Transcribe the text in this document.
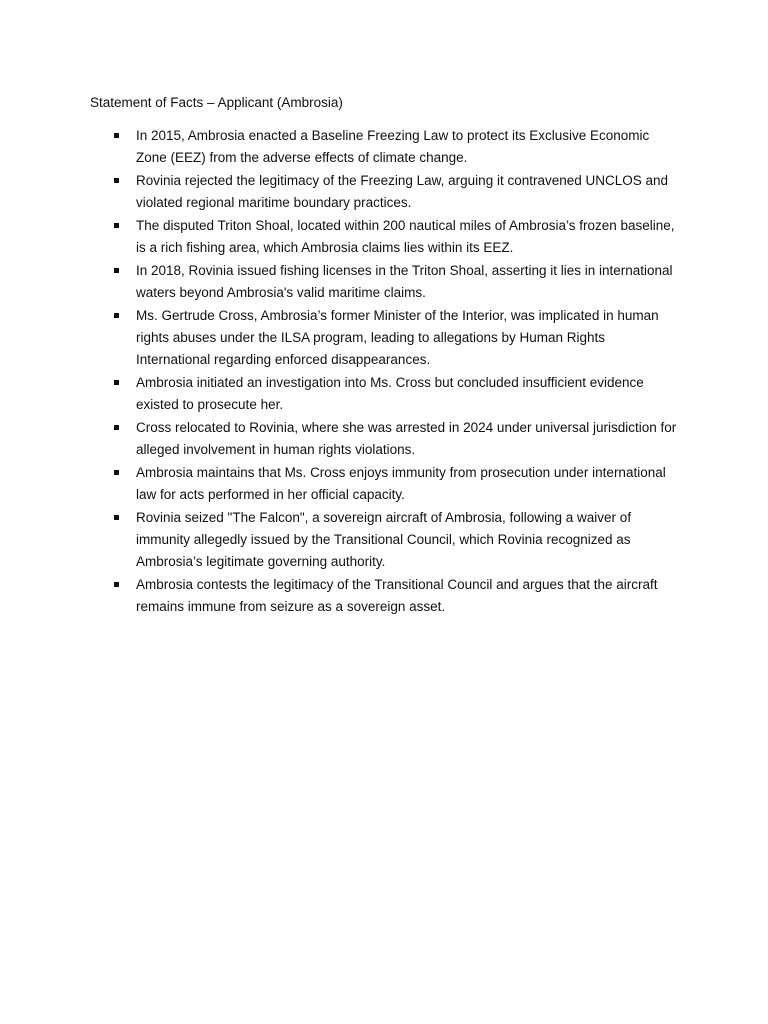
Statement of Facts – Applicant (Ambrosia)
In 2015, Ambrosia enacted a Baseline Freezing Law to protect its Exclusive Economic Zone (EEZ) from the adverse effects of climate change.
Rovinia rejected the legitimacy of the Freezing Law, arguing it contravened UNCLOS and violated regional maritime boundary practices.
The disputed Triton Shoal, located within 200 nautical miles of Ambrosia’s frozen baseline, is a rich fishing area, which Ambrosia claims lies within its EEZ.
In 2018, Rovinia issued fishing licenses in the Triton Shoal, asserting it lies in international waters beyond Ambrosia's valid maritime claims.
Ms. Gertrude Cross, Ambrosia’s former Minister of the Interior, was implicated in human rights abuses under the ILSA program, leading to allegations by Human Rights International regarding enforced disappearances.
Ambrosia initiated an investigation into Ms. Cross but concluded insufficient evidence existed to prosecute her.
Cross relocated to Rovinia, where she was arrested in 2024 under universal jurisdiction for alleged involvement in human rights violations.
Ambrosia maintains that Ms. Cross enjoys immunity from prosecution under international law for acts performed in her official capacity.
Rovinia seized "The Falcon", a sovereign aircraft of Ambrosia, following a waiver of immunity allegedly issued by the Transitional Council, which Rovinia recognized as Ambrosia’s legitimate governing authority.
Ambrosia contests the legitimacy of the Transitional Council and argues that the aircraft remains immune from seizure as a sovereign asset.
